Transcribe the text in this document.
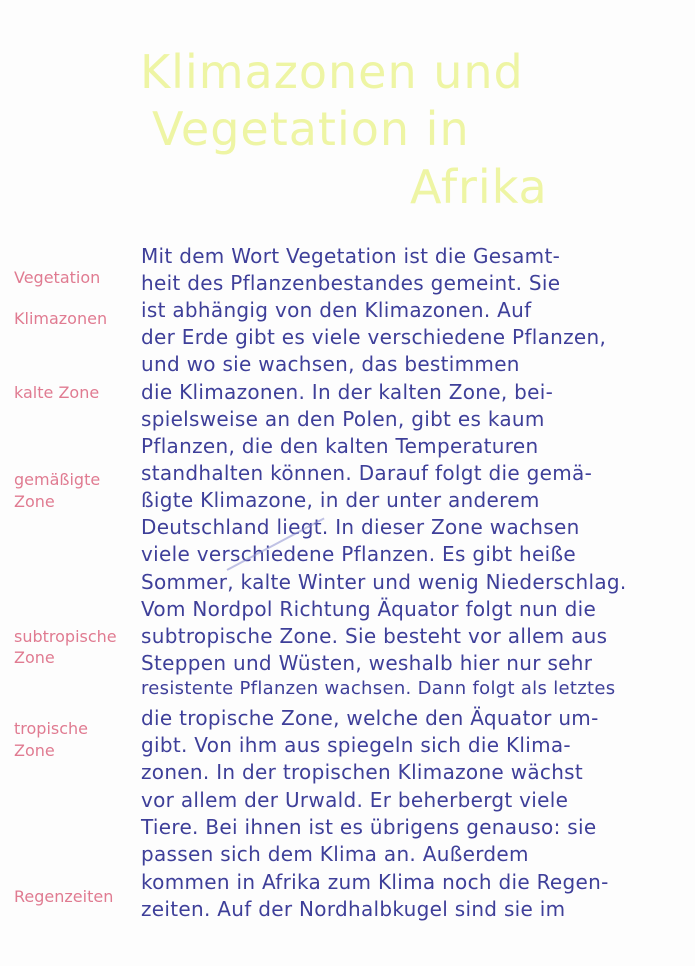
Klimazonen und
Vegetation in
Afrika
Vegetation
Klimazonen
kalte Zone
gemäßigte
Zone
subtropische
Zone
tropische
Zone
Regenzeiten
Mit dem Wort Vegetation ist die Gesamt-
heit des Pflanzenbestandes gemeint. Sie
ist abhängig von den Klimazonen. Auf
der Erde gibt es viele verschiedene Pflanzen,
und wo sie wachsen, das bestimmen
die Klimazonen. In der kalten Zone, bei-
spielsweise an den Polen, gibt es kaum
Pflanzen, die den kalten Temperaturen
standhalten können. Darauf folgt die gemä-
ßigte Klimazone, in der unter anderem
Deutschland liegt. In dieser Zone wachsen
viele verschiedene Pflanzen. Es gibt heiße
Sommer, kalte Winter und wenig Niederschlag.
Vom Nordpol Richtung Äquator folgt nun die
subtropische Zone. Sie besteht vor allem aus
Steppen und Wüsten, weshalb hier nur sehr
resistente Pflanzen wachsen. Dann folgt als letztes
die tropische Zone, welche den Äquator um-
gibt. Von ihm aus spiegeln sich die Klima-
zonen. In der tropischen Klimazone wächst
vor allem der Urwald. Er beherbergt viele
Tiere. Bei ihnen ist es übrigens genauso: sie
passen sich dem Klima an. Außerdem
kommen in Afrika zum Klima noch die Regen-
zeiten. Auf der Nordhalbkugel sind sie im
